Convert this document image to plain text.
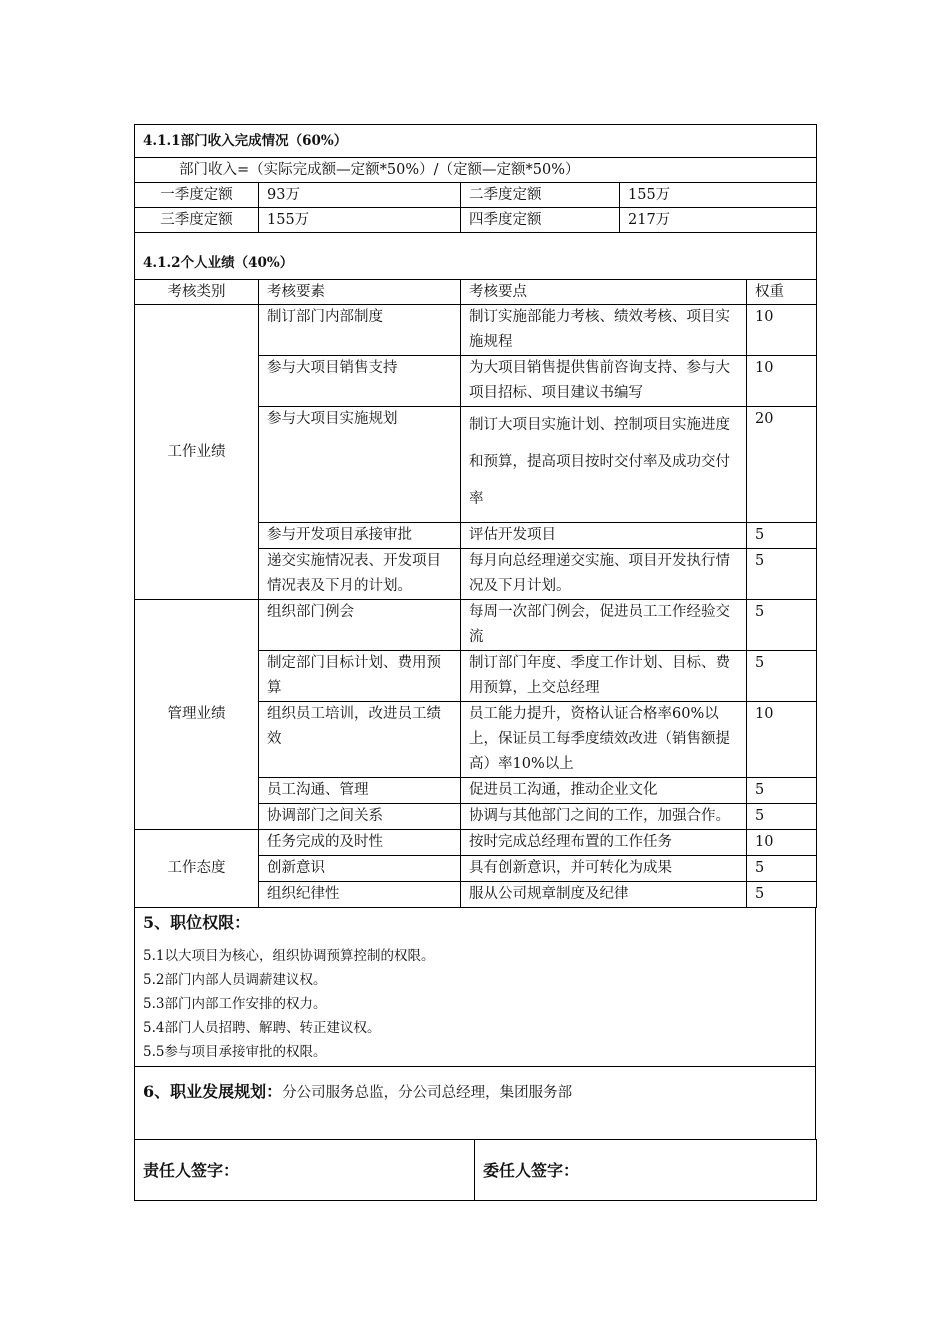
4.1.1部门收入完成情况（60%）
部门收入=（实际完成额—定额*50%）/（定额—定额*50%）
一季度定额	93万	二季度定额	155万
三季度定额	155万	四季度定额	217万
4.1.2个人业绩（40%）			
考核类别	考核要素	考核要点	权重
工作业绩	制订部门内部制度	制订实施部能力考核、绩效考核、项目实施规程	10
	参与大项目销售支持	为大项目销售提供售前咨询支持、参与大项目招标、项目建议书编写	10
	参与大项目实施规划	制订大项目实施计划、控制项目实施进度和预算，提高项目按时交付率及成功交付率	20
	参与开发项目承接审批	评估开发项目	5
	递交实施情况表、开发项目情况表及下月的计划。	每月向总经理递交实施、项目开发执行情况及下月计划。	5
管理业绩	组织部门例会	每周一次部门例会，促进员工工作经验交流	5
	制定部门目标计划、费用预算	制订部门年度、季度工作计划、目标、费用预算，上交总经理	5
	组织员工培训，改进员工绩效	员工能力提升，资格认证合格率60%以上，保证员工每季度绩效改进（销售额提高）率10%以上	10
	员工沟通、管理	促进员工沟通，推动企业文化	5
	协调部门之间关系	协调与其他部门之间的工作，加强合作。	5
工作态度	任务完成的及时性	按时完成总经理布置的工作任务	10
	创新意识	具有创新意识，并可转化为成果	5
	组织纪律性	服从公司规章制度及纪律	5
5、职位权限：
5.1以大项目为核心，组织协调预算控制的权限。
5.2部门内部人员调薪建议权。
5.3部门内部工作安排的权力。
5.4部门人员招聘、解聘、转正建议权。
5.5参与项目承接审批的权限。

6、职业发展规划：分公司服务总监，分公司总经理，集团服务部
责任人签字：	委任人签字：
